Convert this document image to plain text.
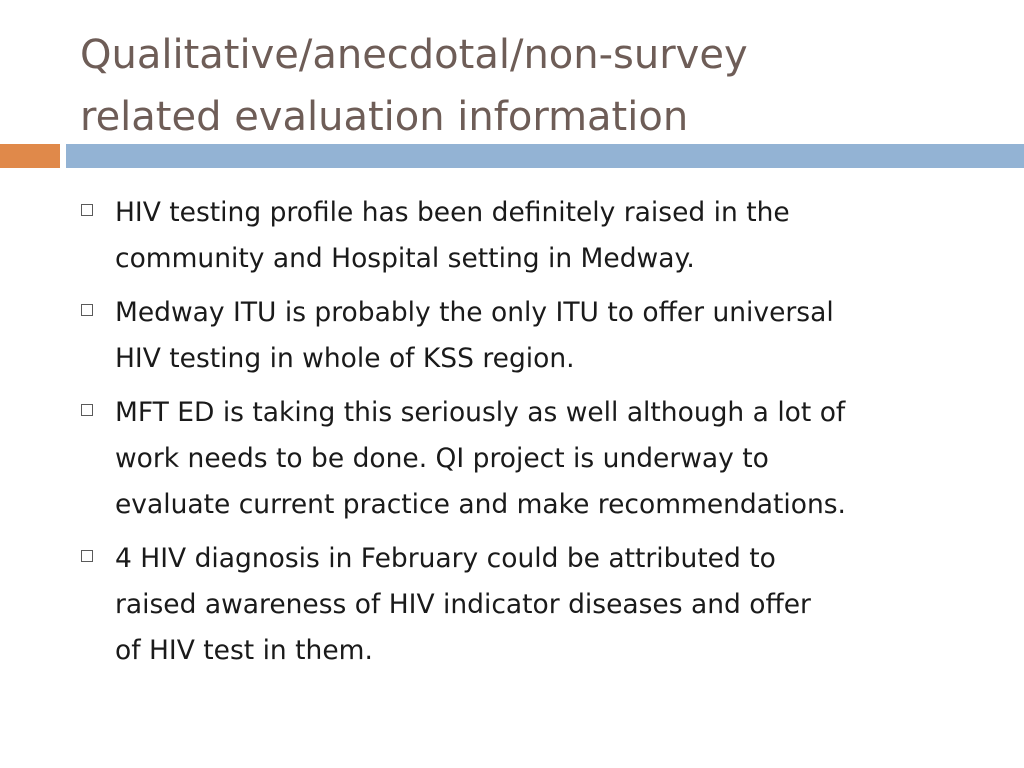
Qualitative/anecdotal/non-survey
related evaluation information
HIV testing profile has been definitely raised in the
community and Hospital setting in Medway.
Medway ITU is probably the only ITU to offer universal
HIV testing in whole of KSS region.
MFT ED is taking this seriously as well although a lot of
work needs to be done. QI project is underway to
evaluate current practice and make recommendations.
4 HIV diagnosis in February could be attributed to
raised awareness of HIV indicator diseases and offer
of HIV test in them.
